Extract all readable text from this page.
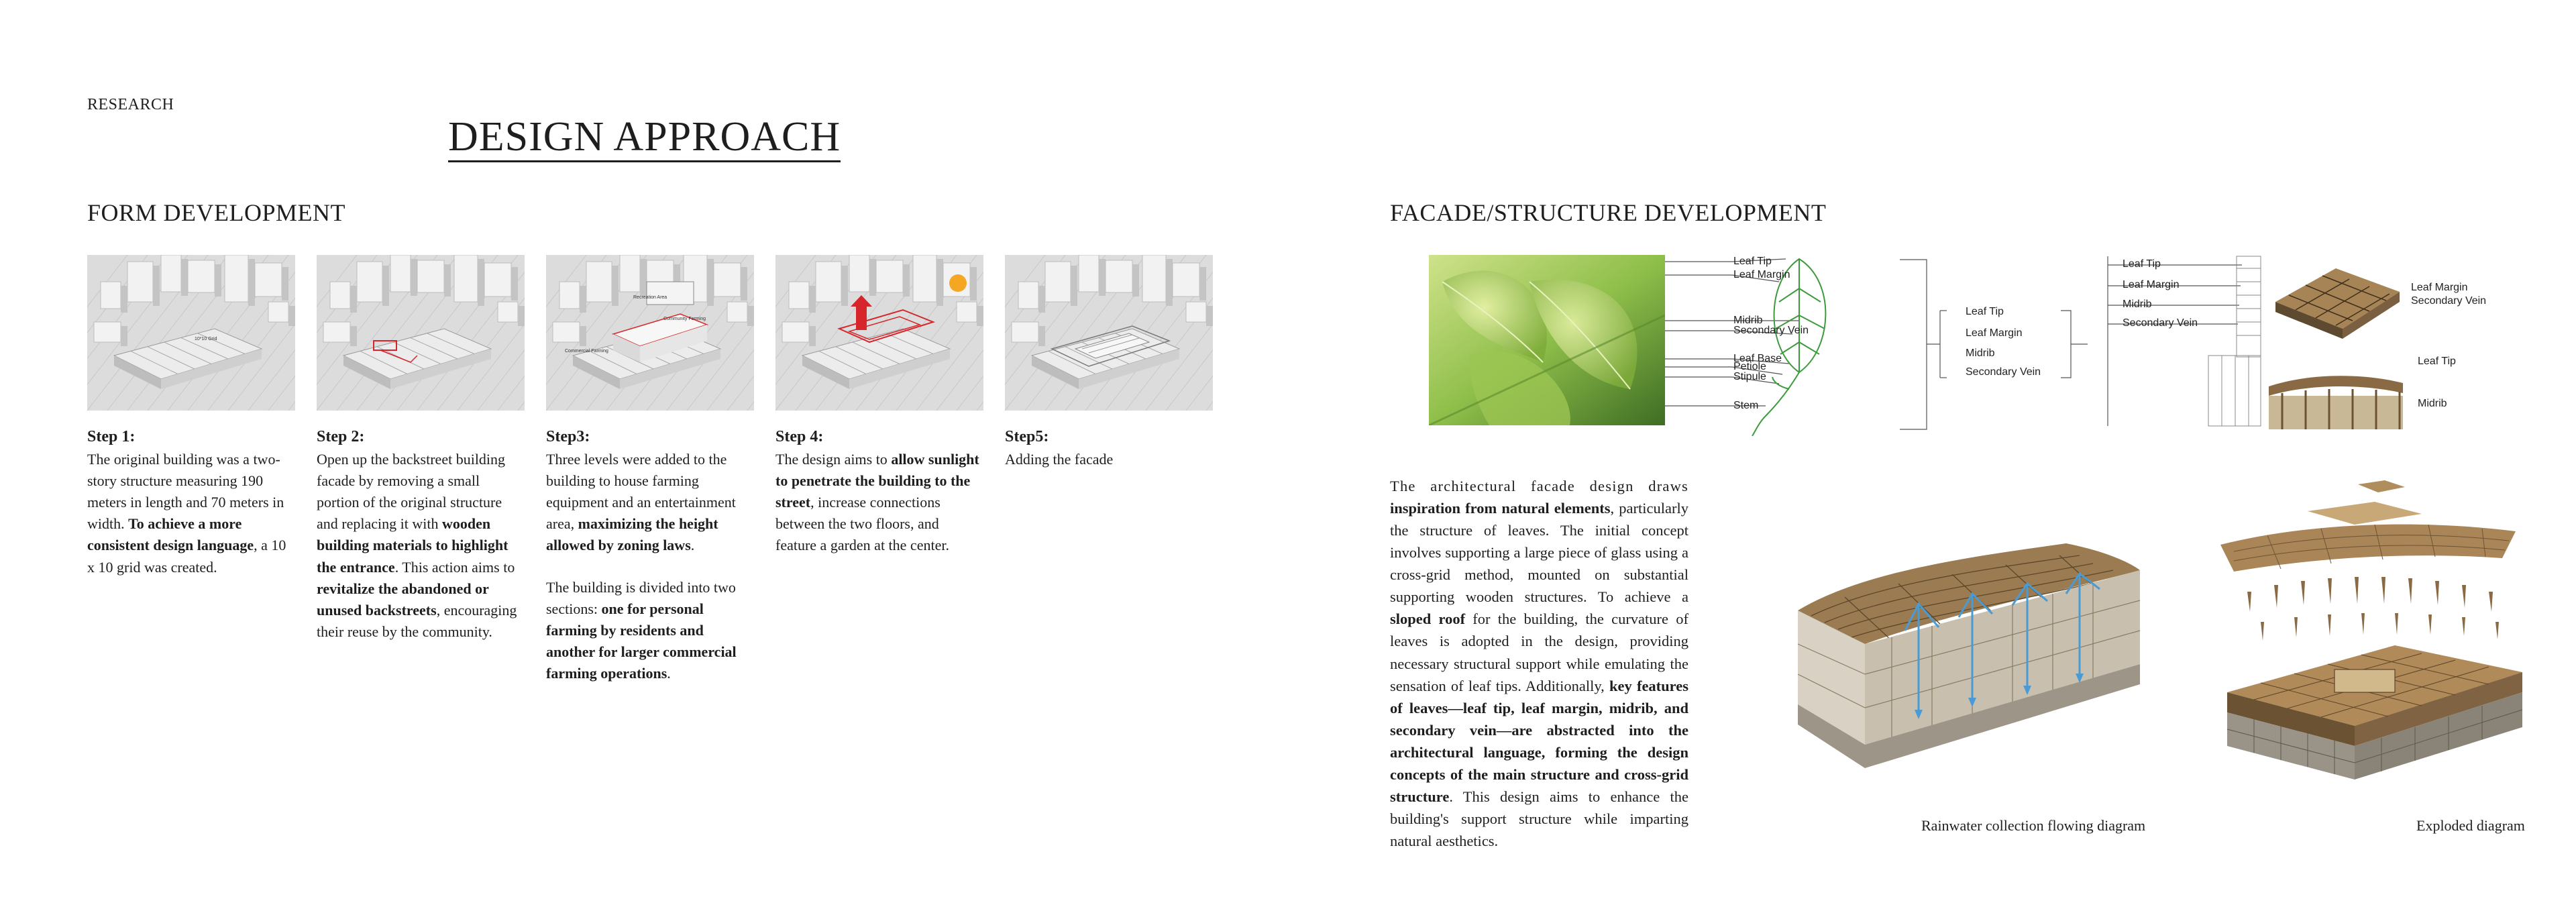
RESEARCH
DESIGN APPROACH
FORM DEVELOPMENT
10*10 Grid
Step 1:
The original building was a two-story structure measuring 190 meters in length and 70 meters in width. To achieve a more consistent design language, a 10 x 10 grid was created.
Step 2:
Open up the backstreet building facade by removing a small portion of the original structure and replacing it with wooden building materials to highlight the entrance. This action aims to revitalize the abandoned or unused backstreets, encouraging their reuse by the community.
Recreation Area
Commercial Farming
Community Farming
Step3:
Three levels were added to the building to house farming equipment and an entertainment area, maximizing the height allowed by zoning laws.
The building is divided into two sections: one for personal farming by residents and another for larger commercial farming operations.
Step 4:
The design aims to allow sunlight to penetrate the building to the street, increase connections between the two floors, and feature a garden at the center.
Step5:
Adding the facade
FACADE/STRUCTURE DEVELOPMENT
Leaf Tip
Leaf Margin
Midrib
Secondary Vein
Leaf Base
Petiole
Stipule
Stem
Leaf Tip
Leaf Margin
Midrib
Secondary Vein
Leaf Tip
Leaf Margin
Midrib
Secondary Vein
Leaf Margin
Secondary Vein
Leaf Tip
Midrib
The architectural facade design draws inspiration from natural elements, particularly the structure of leaves. The initial concept involves supporting a large piece of glass using a cross-grid method, mounted on substantial supporting wooden structures. To achieve a sloped roof for the building, the curvature of leaves is adopted in the design, providing necessary structural support while emulating the sensation of leaf tips. Additionally, key features of leaves—leaf tip, leaf margin, midrib, and secondary vein—are abstracted into the architectural language, forming the design concepts of the main structure and cross-grid structure. This design aims to enhance the building's support structure while imparting natural aesthetics.
Rainwater collection flowing diagram	Exploded diagram
